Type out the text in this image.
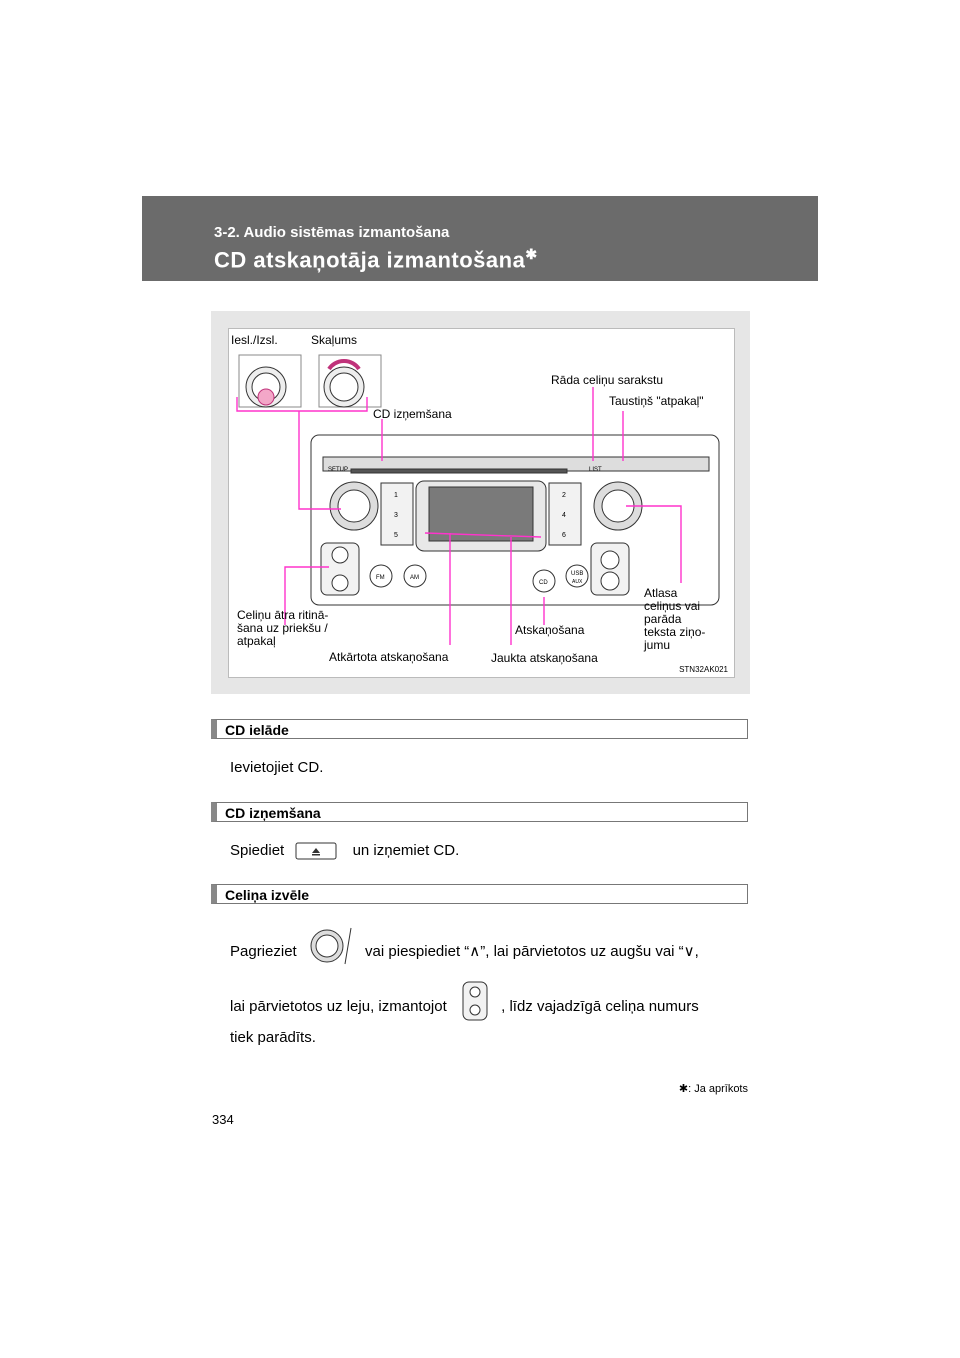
3-2. Audio sistēmas izmantošana
CD atskaņotāja izmantošana✱
Iesl./Izsl.	Skaļums
Rāda celiņu sarakstu
Taustiņš "atpakaļ"
CD izņemšana
SETUP	LIST
FM	AM
CD
USB
AUX
1	2
3	4
5	6
Celiņu ātra ritinā-
šana uz priekšu /
atpakaļ
Atkārtota atskaņošana	Jaukta atskaņošana
Atskaņošana
Atlasa
celiņus vai
parāda
teksta ziņo-
jumu
STN32AK021
CD ielāde
Ievietojiet CD.
CD izņemšana
Spiediet	un izņemiet CD.
Celiņa izvēle
Pagrieziet	vai piespiediet “∧”, lai pārvietotos uz augšu vai “∨,
lai pārvietotos uz leju, izmantojot	, līdz vajadzīgā celiņa numurs
tiek parādīts.
✱: Ja aprīkots
334
